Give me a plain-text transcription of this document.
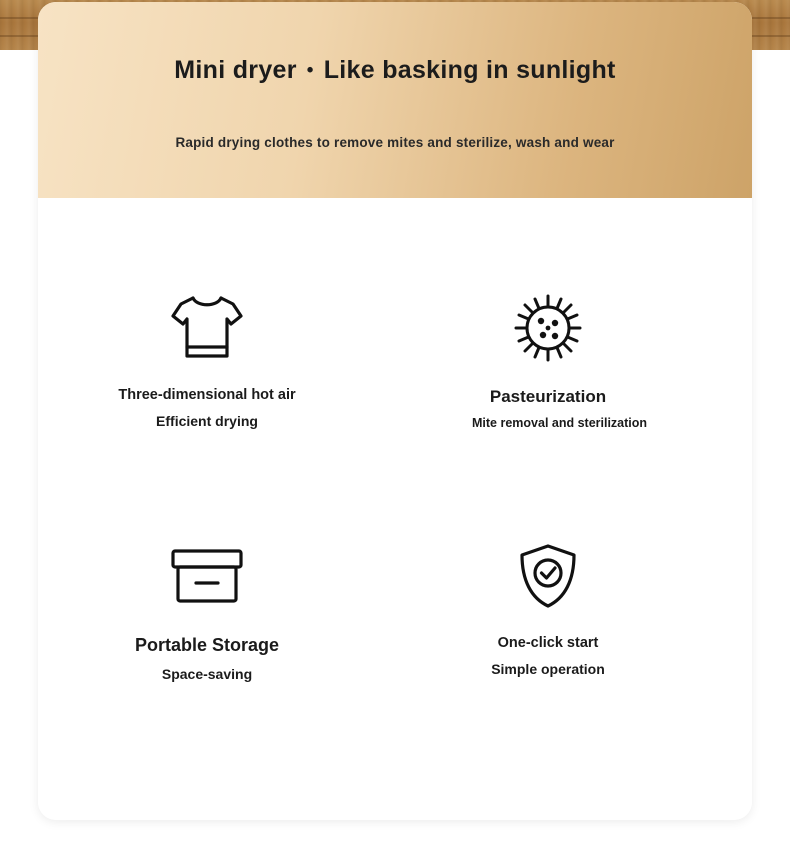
Mini dryer • Like basking in sunlight
Rapid drying clothes to remove mites and sterilize, wash and wear
Three-dimensional hot air
Efficient drying
Pasteurization
Mite removal and sterilization
Portable Storage
Space-saving
One-click start
Simple operation
